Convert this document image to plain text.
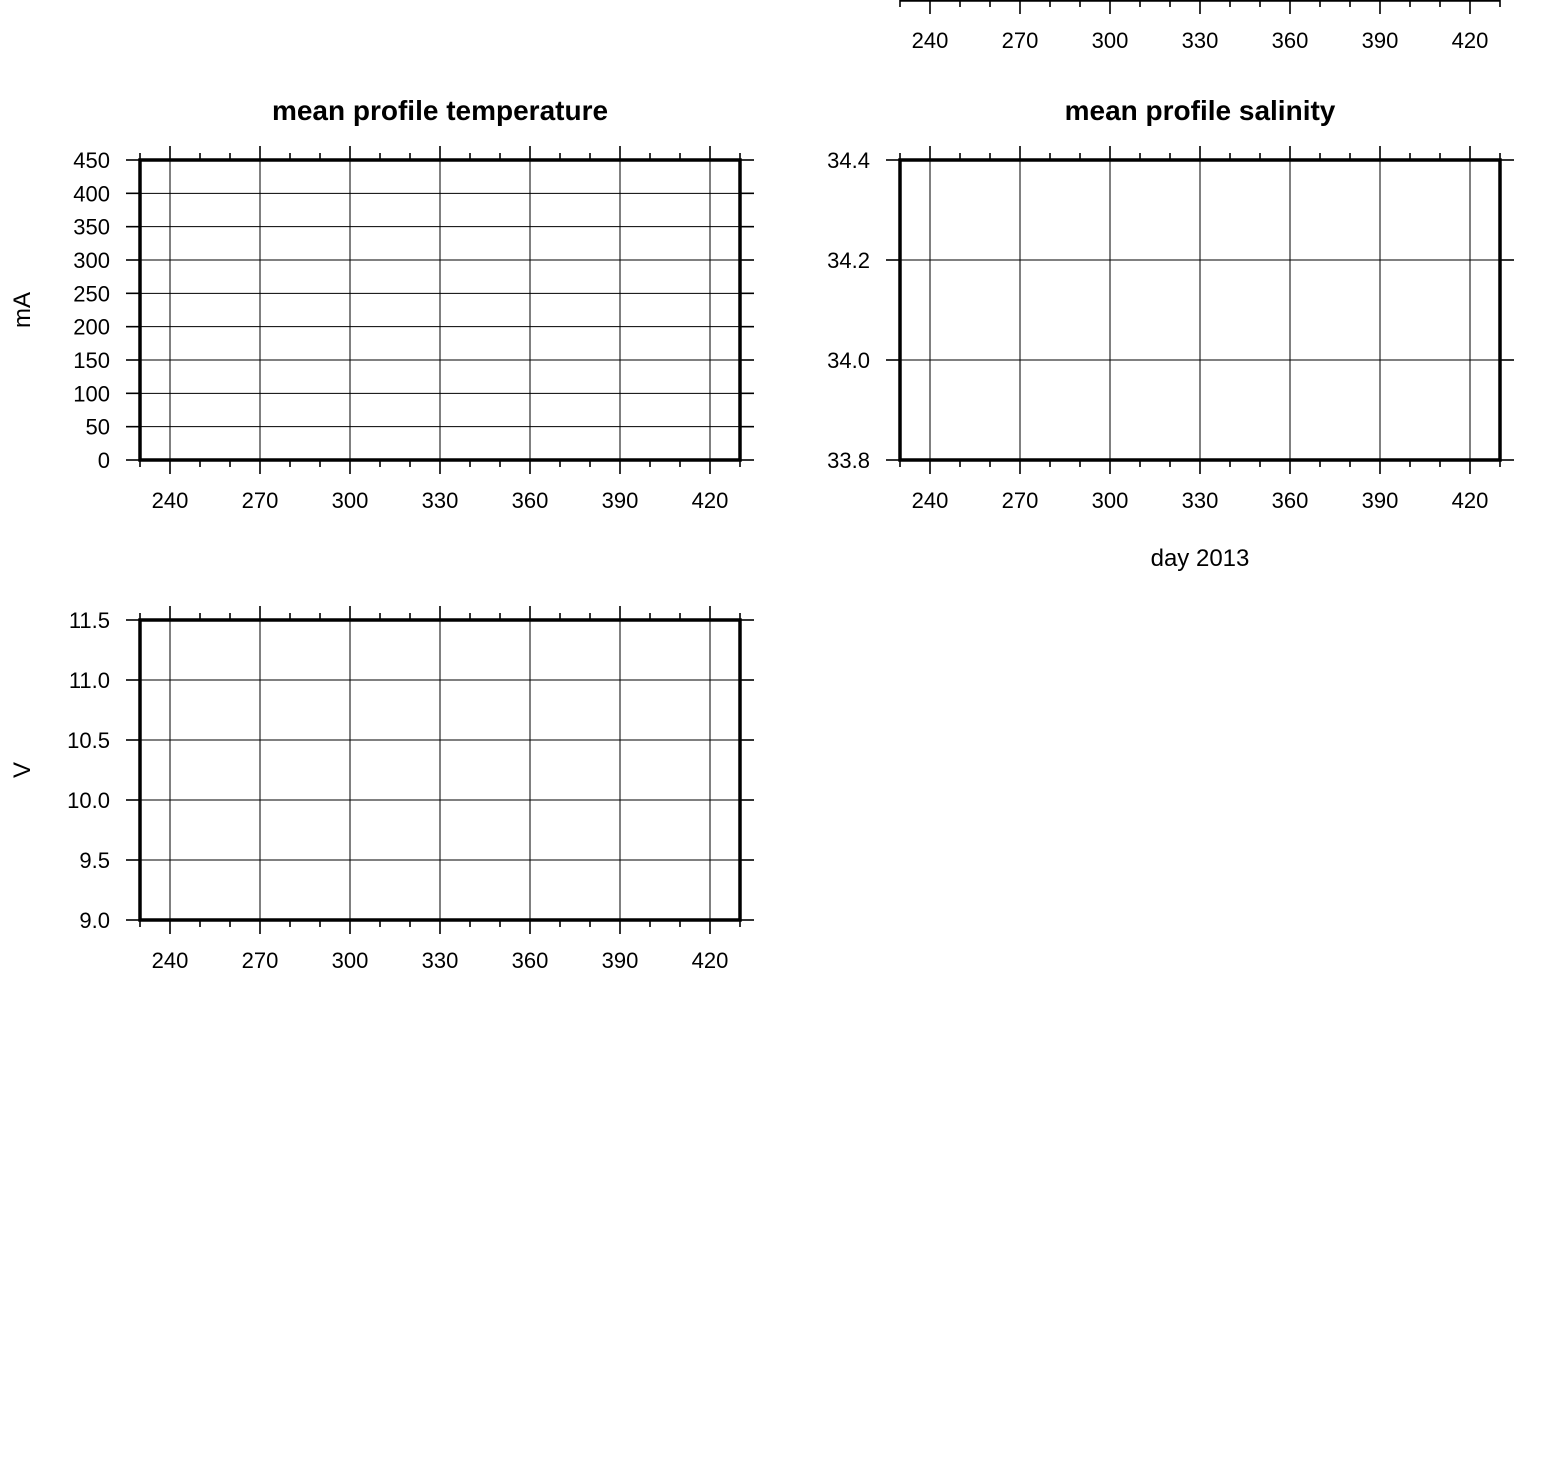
240 270 300 330 360 390 420
240 270 300 330 360 390 420
0
50
100
150
200
250
300
350
400
450
mean profile temperature
mA
240 270 300 330 360 390 420
33.8
34.0
34.2
34.4
mean profile salinity
day 2013
240 270 300 330 360 390 420
9.0
9.5
10.0
10.5
11.0
11.5
V
